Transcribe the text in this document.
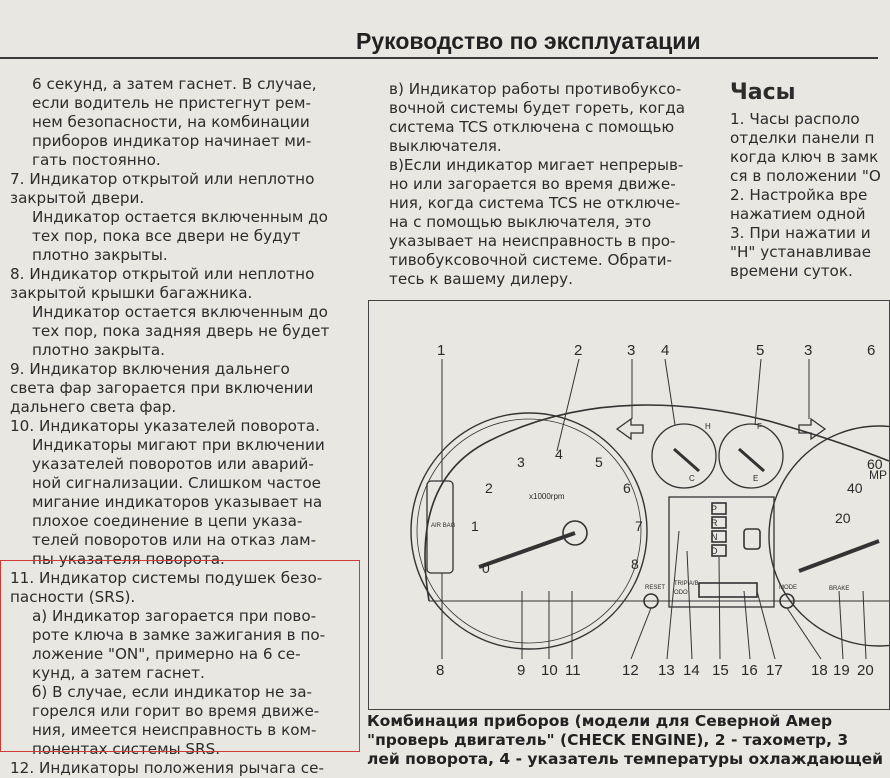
Руководство по эксплуатации
6 секунд, а затем гаснет. В случае,
если водитель не пристегнут рем-
нем безопасности, на комбинации
приборов индикатор начинает ми-
гать постоянно.
7. Индикатор открытой или неплотно
закрытой двери.
Индикатор остается включенным до
тех пор, пока все двери не будут
плотно закрыты.
8. Индикатор открытой или неплотно
закрытой крышки багажника.
Индикатор остается включенным до
тех пор, пока задняя дверь не будет
плотно закрыта.
9. Индикатор включения дальнего
света фар загорается при включении
дальнего света фар.
10. Индикаторы указателей поворота.
Индикаторы мигают при включении
указателей поворотов или аварий-
ной сигнализации. Слишком частое
мигание индикаторов указывает на
плохое соединение в цепи указа-
телей поворотов или на отказ лам-
пы указателя поворота.
11. Индикатор системы подушек безо-
пасности (SRS).
а) Индикатор загорается при пово-
роте ключа в замке зажигания в по-
ложение "ON", примерно на 6 се-
кунд, а затем гаснет.
б) В случае, если индикатор не за-
горелся или горит во время движе-
ния, имеется неисправность в ком-
понентах системы SRS.
12. Индикаторы положения рычага се-
в) Индикатор работы противобуксо-
вочной системы будет гореть, когда
система TCS отключена с помощью
выключателя.
в)Если индикатор мигает непрерыв-
но или загорается во время движе-
ния, когда система TCS не отключе-
на с помощью выключателя, это
указывает на неисправность в про-
тивобуксовочной системе. Обрати-
тесь к вашему дилеру.
Часы
1. Часы располо
отделки панели п
когда ключ в замк
ся в положении "О
2. Настройка вре
нажатием одной
3. При нажатии и
"H" устанавливае
времени суток.
1	2	3 4	5	3	6
8	9 10 11	12 13 14 15 16 17 18 19 20
0
1
2
3 4 5
6
7
8
20
40
60
MP
P
R
N
D
x1000rpm
H
C
F
E
AIR BAG
RESET	MODE
TRIP A/B
ODO
BRAKE
Комбинация приборов (модели для Северной Амер
"проверь двигатель" (CHECK ENGINE), 2 - тахометр, 3
лей поворота, 4 - указатель температуры охлаждающей
